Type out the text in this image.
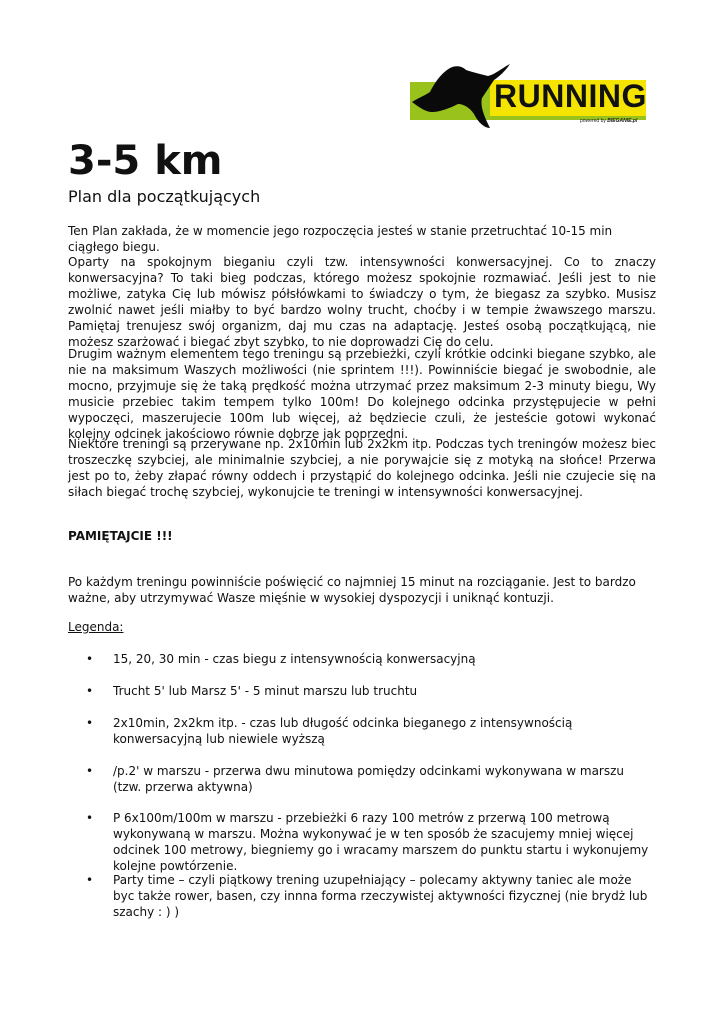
RUNNING
powered by BIEGANIE.pl
3-5 km
Plan dla początkujących

Ten Plan zakłada, że w momencie jego rozpoczęcia jesteś w stanie przetruchtać 10-15 min ciągłego biegu.

Oparty na spokojnym bieganiu czyli tzw. intensywności konwersacyjnej. Co to znaczy konwersacyjna? To taki bieg podczas, którego możesz spokojnie rozmawiać. Jeśli jest to nie możliwe, zatyka Cię lub mówisz półsłówkami to świadczy o tym, że biegasz za szybko. Musisz zwolnić nawet jeśli miałby to być bardzo wolny trucht, choćby i w tempie żwawszego marszu. Pamiętaj trenujesz swój organizm, daj mu czas na adaptację. Jesteś osobą początkującą, nie możesz szarżować i biegać zbyt szybko, to nie doprowadzi Cię do celu.

Drugim ważnym elementem tego treningu są przebieżki, czyli krótkie odcinki biegane szybko, ale nie na maksimum Waszych możliwości (nie sprintem !!!). Powinniście biegać je swobodnie, ale mocno, przyjmuje się że taką prędkość można utrzymać przez maksimum 2-3 minuty biegu, Wy musicie przebiec takim tempem tylko 100m! Do kolejnego odcinka przystępujecie w pełni wypoczęci, maszerujecie 100m lub więcej, aż będziecie czuli, że jesteście gotowi wykonać kolejny odcinek jakościowo równie dobrze jak poprzedni.

Niektóre treningi są przerywane np. 2x10min lub 2x2km itp. Podczas tych treningów możesz biec troszeczkę szybciej, ale minimalnie szybciej, a nie porywajcie się z motyką na słońce! Przerwa jest po to, żeby złapać równy oddech i przystąpić do kolejnego odcinka. Jeśli nie czujecie się na siłach biegać trochę szybciej, wykonujcie te treningi w intensywności konwersacyjnej.

PAMIĘTAJCIE !!!

Po każdym treningu powinniście poświęcić co najmniej 15 minut na rozciąganie. Jest to bardzo ważne, aby utrzymywać Wasze mięśnie w wysokiej dyspozycji i uniknąć kontuzji.

Legenda:

• 15, 20, 30 min - czas biegu z intensywnością konwersacyjną
• Trucht 5' lub Marsz 5' - 5 minut marszu lub truchtu
• 2x10min, 2x2km itp. - czas lub długość odcinka bieganego z intensywnością konwersacyjną lub niewiele wyższą
• /p.2' w marszu - przerwa dwu minutowa pomiędzy odcinkami wykonywana w marszu (tzw. przerwa aktywna)
• P 6x100m/100m w marszu - przebieżki 6 razy 100 metrów z przerwą 100 metrową wykonywaną w marszu. Można wykonywać je w ten sposób że szacujemy mniej więcej odcinek 100 metrowy, biegniemy go i wracamy marszem do punktu startu i wykonujemy kolejne powtórzenie.
• Party time – czyli piątkowy trening uzupełniający – polecamy aktywny taniec ale może byc także rower, basen, czy innna forma rzeczywistej aktywności fizycznej (nie brydż lub szachy : ) )
